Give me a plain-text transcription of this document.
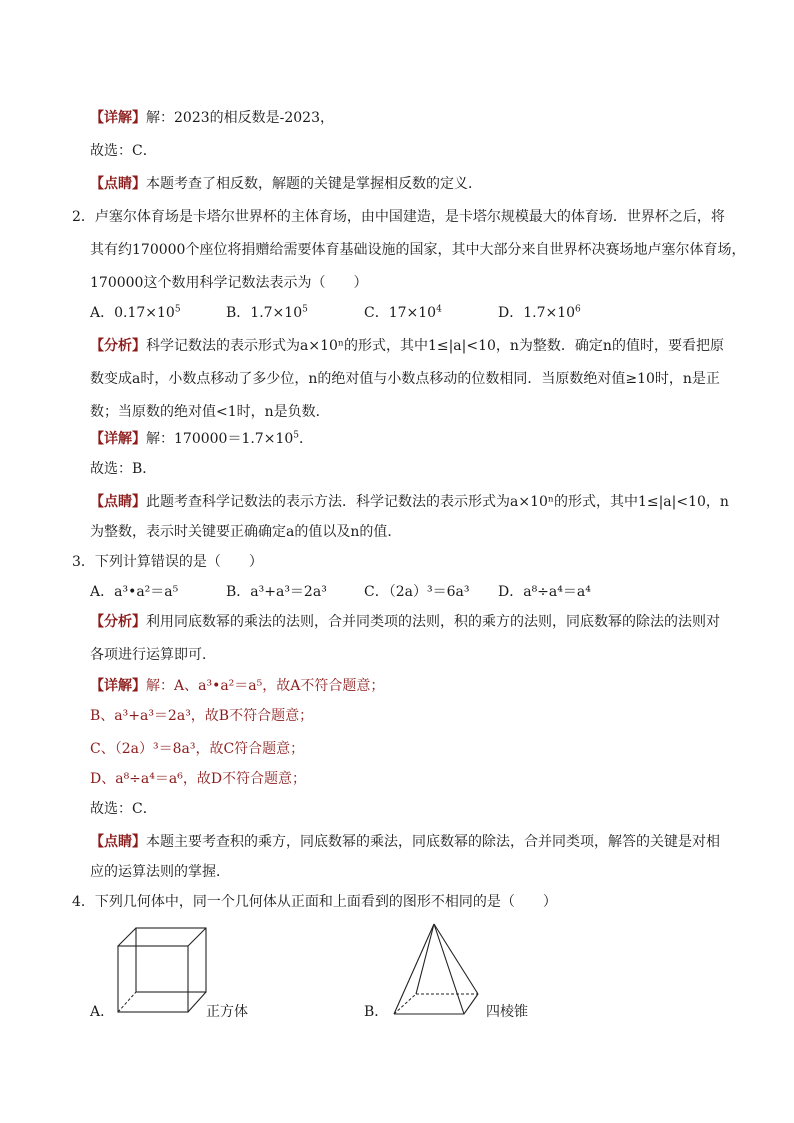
【详解】解：2023的相反数是-2023，
故选：C．
【点睛】本题考查了相反数，解题的关键是掌握相反数的定义．
2．卢塞尔体育场是卡塔尔世界杯的主体育场，由中国建造，是卡塔尔规模最大的体育场．世界杯之后，将
其有约170000个座位将捐赠给需要体育基础设施的国家，其中大部分来自世界杯决赛场地卢塞尔体育场，
170000这个数用科学记数法表示为（　　）
A．$0.17\times 10^5$	B．$1.7\times 10^5$	C．$17\times 10^4$	D．$1.7\times 10^6$
【分析】科学记数法的表示形式为a×10ⁿ的形式，其中1≤|a|<10，n为整数．确定n的值时，要看把原
数变成a时，小数点移动了多少位，n的绝对值与小数点移动的位数相同．当原数绝对值≥10时，n是正
数；当原数的绝对值<1时，n是负数．
【详解】解：$170000=1.7\times 10^5$．
故选：B．
【点睛】此题考查科学记数法的表示方法．科学记数法的表示形式为a×10ⁿ的形式，其中1≤|a|<10，n
为整数，表示时关键要正确确定a的值以及n的值．
3．下列计算错误的是（　　）
A．a³•a²＝a⁵	B．a³+a³＝2a³	C．（2a）³＝6a³ D．a⁸÷a⁴＝a⁴
【分析】利用同底数幂的乘法的法则，合并同类项的法则，积的乘方的法则，同底数幂的除法的法则对
各项进行运算即可．
【详解】解：A、a³•a²＝a⁵，故A不符合题意；
B、a³+a³＝2a³，故B不符合题意；
C、（2a）³＝8a³，故C符合题意；
D、a⁸÷a⁴＝a⁶，故D不符合题意；
故选：C．
【点睛】本题主要考查积的乘方，同底数幂的乘法，同底数幂的除法，合并同类项，解答的关键是对相
应的运算法则的掌握．
4．下列几何体中，同一个几何体从正面和上面看到的图形不相同的是（　　）
A．	正方体	B．	四棱锥
